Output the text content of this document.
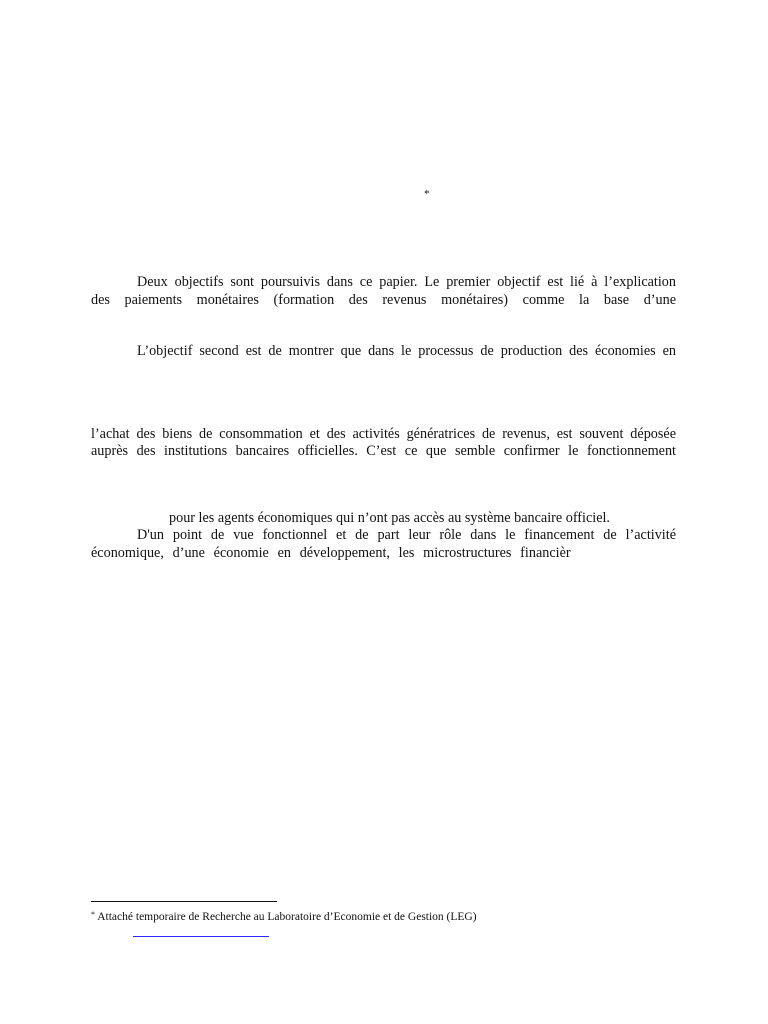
*
Deux objectifs sont poursuivis dans ce papier. Le premier objectif est lié à l’explication
des paiements monétaires (formation des revenus monétaires) comme la base d’une
L’objectif second est de montrer que dans le processus de production des économies en
l’achat des biens de consommation et des activités génératrices de revenus, est souvent déposée
auprès des institutions bancaires officielles. C’est ce que semble confirmer le fonctionnement
pour les agents économiques qui n’ont pas accès au système bancaire officiel.
D'un point de vue fonctionnel et de part leur rôle dans le financement de l’activité
économique, d’une économie en développement, les microstructures financièr
* Attaché temporaire de Recherche au Laboratoire d’Economie et de Gestion (LEG)
